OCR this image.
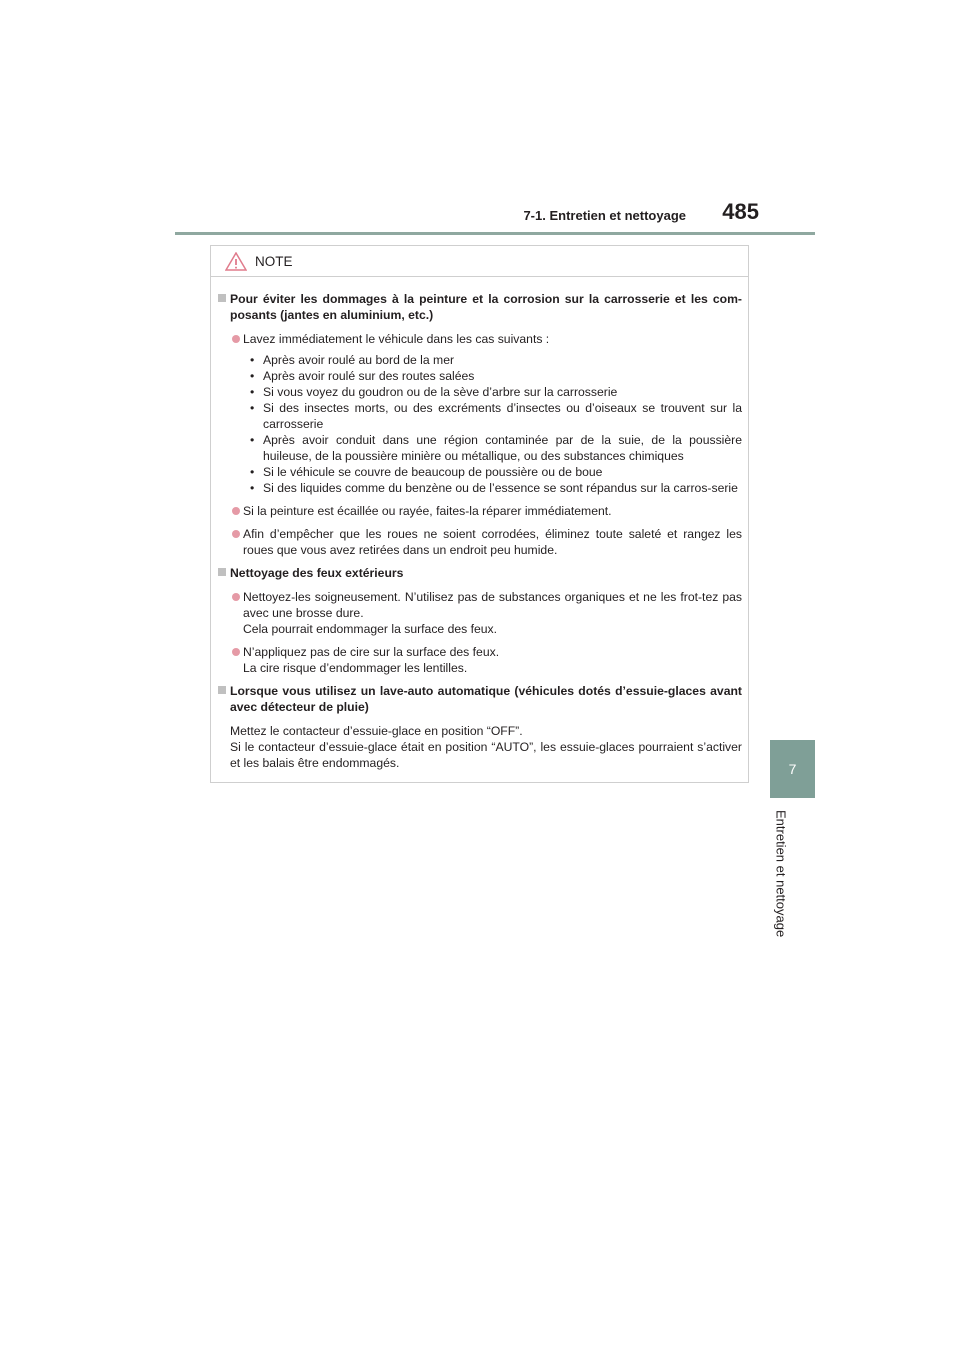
7-1. Entretien et nettoyage	485
7
Entretien et nettoyage
NOTE
Pour éviter les dommages à la peinture et la corrosion sur la carrosserie et les com-posants (jantes en aluminium, etc.)
Lavez immédiatement le véhicule dans les cas suivants :
• Après avoir roulé au bord de la mer
• Après avoir roulé sur des routes salées
• Si vous voyez du goudron ou de la sève d’arbre sur la carrosserie
• Si des insectes morts, ou des excréments d’insectes ou d’oiseaux se trouvent sur la carrosserie
• Après avoir conduit dans une région contaminée par de la suie, de la poussière huileuse, de la poussière minière ou métallique, ou des substances chimiques
• Si le véhicule se couvre de beaucoup de poussière ou de boue
• Si des liquides comme du benzène ou de l’essence se sont répandus sur la carros-serie
Si la peinture est écaillée ou rayée, faites-la réparer immédiatement.
Afin d’empêcher que les roues ne soient corrodées, éliminez toute saleté et rangez les roues que vous avez retirées dans un endroit peu humide.
Nettoyage des feux extérieurs
Nettoyez-les soigneusement. N’utilisez pas de substances organiques et ne les frot-tez pas avec une brosse dure.
Cela pourrait endommager la surface des feux.
N’appliquez pas de cire sur la surface des feux.
La cire risque d’endommager les lentilles.
Lorsque vous utilisez un lave-auto automatique (véhicules dotés d’essuie-glaces avant avec détecteur de pluie)
Mettez le contacteur d’essuie-glace en position “OFF”.
Si le contacteur d’essuie-glace était en position “AUTO”, les essuie-glaces pourraient s’activer et les balais être endommagés.
